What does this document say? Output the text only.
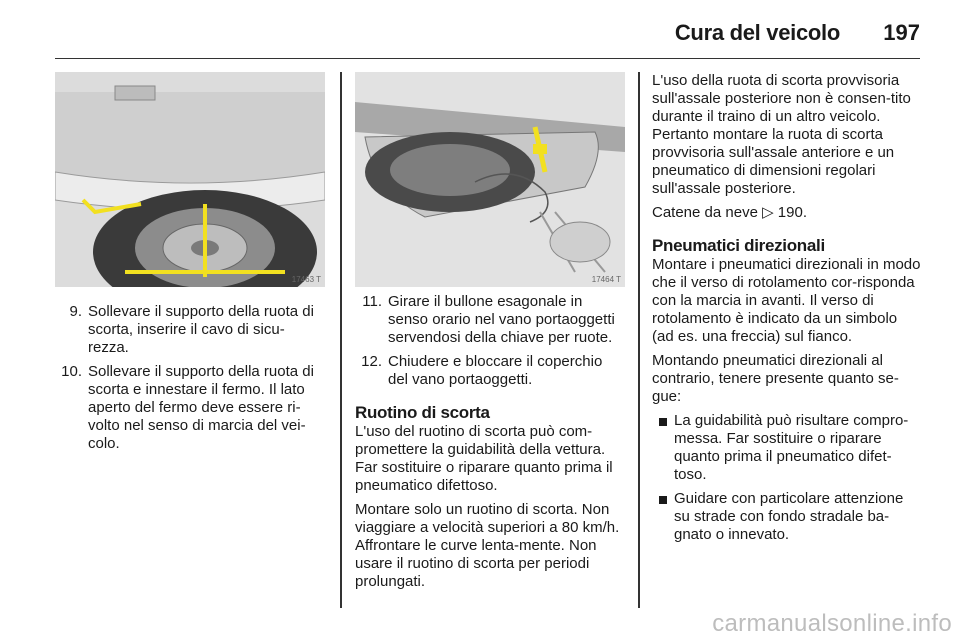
Cura del veicolo 197
17463 T
9. Sollevare il supporto della ruota di scorta, inserire il cavo di sicu-rezza.
10. Sollevare il supporto della ruota di scorta e innestare il fermo. Il lato aperto del fermo deve essere ri-volto nel senso di marcia del vei-colo.
17464 T
11. Girare il bullone esagonale in senso orario nel vano portaoggetti servendosi della chiave per ruote.
12. Chiudere e bloccare il coperchio del vano portaoggetti.
Ruotino di scorta

L'uso del ruotino di scorta può com-promettere la guidabilità della vettura. Far sostituire o riparare quanto prima il pneumatico difettoso.

Montare solo un ruotino di scorta. Non viaggiare a velocità superiori a 80 km/h. Affrontare le curve lenta-mente. Non usare il ruotino di scorta per periodi prolungati.

L'uso della ruota di scorta provvisoria sull'assale posteriore non è consen-tito durante il traino di un altro veicolo. Pertanto montare la ruota di scorta provvisoria sull'assale anteriore e un pneumatico di dimensioni regolari sull'assale posteriore.

Catene da neve ▷ 190.

Pneumatici direzionali

Montare i pneumatici direzionali in modo che il verso di rotolamento cor-risponda con la marcia in avanti. Il verso di rotolamento è indicato da un simbolo (ad es. una freccia) sul fianco.

Montando pneumatici direzionali al contrario, tenere presente quanto se-gue:

La guidabilità può risultare compro-messa. Far sostituire o riparare quanto prima il pneumatico difet-toso.
Guidare con particolare attenzione su strade con fondo stradale ba-gnato o innevato.
carmanualsonline.info
